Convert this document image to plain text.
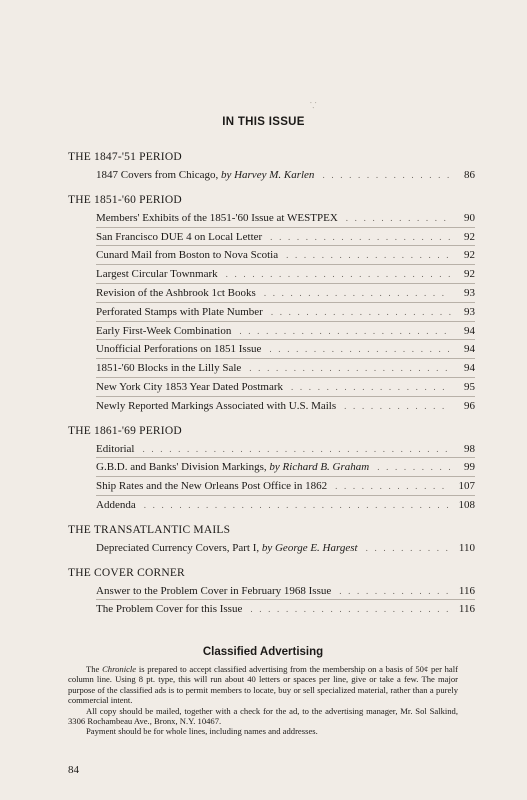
⸪
IN THIS ISSUE
THE 1847-'51 PERIOD
1847 Covers from Chicago, by Harvey M. Karlen . . .	86
THE 1851-'60 PERIOD
Members' Exhibits of the 1851-'60 Issue at WESTPEX . . .	90
San Francisco DUE 4 on Local Letter . . .	92
Cunard Mail from Boston to Nova Scotia . . .	92
Largest Circular Townmark . . .	92
Revision of the Ashbrook 1ct Books . . .	93
Perforated Stamps with Plate Number . . .	93
Early First-Week Combination . . .	94
Unofficial Perforations on 1851 Issue . . .	94
1851-'60 Blocks in the Lilly Sale . . .	94
New York City 1853 Year Dated Postmark . . .	95
Newly Reported Markings Associated with U.S. Mails . . .	96
THE 1861-'69 PERIOD
Editorial . . .	98
G.B.D. and Banks' Division Markings, by Richard B. Graham . . .	99
Ship Rates and the New Orleans Post Office in 1862 . . .	107
Addenda . . .	108
THE TRANSATLANTIC MAILS
Depreciated Currency Covers, Part I, by George E. Hargest . . .	110
THE COVER CORNER
Answer to the Problem Cover in February 1968 Issue . . .	116
The Problem Cover for this Issue . . .	116
Classified Advertising

The Chronicle is prepared to accept classified advertising from the membership on a basis of 50¢ per half column line. Using 8 pt. type, this will run about 40 letters or spaces per line, give or take a few. The major purpose of the classified ads is to permit members to locate, buy or sell specialized material, rather than a purely commercial intent.

All copy should be mailed, together with a check for the ad, to the advertising manager, Mr. Sol Salkind, 3306 Rochambeau Ave., Bronx, N.Y. 10467.

Payment should be for whole lines, including names and addresses.

84
